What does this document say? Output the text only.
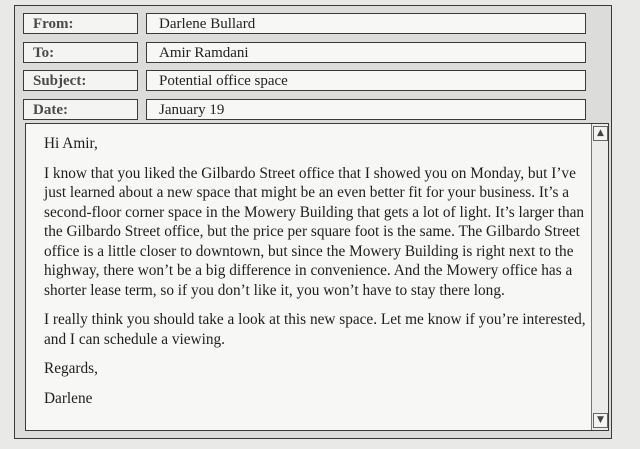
From:	Darlene Bullard
To:	Amir Ramdani
Subject:	Potential office space
Date:	January 19

Hi Amir,

I know that you liked the Gilbardo Street office that I showed you on Monday, but I’ve just learned about a new space that might be an even better fit for your business. It’s a second-floor corner space in the Mowery Building that gets a lot of light. It’s larger than the Gilbardo Street office, but the price per square foot is the same. The Gilbardo Street office is a little closer to downtown, but since the Mowery Building is right next to the highway, there won’t be a big difference in convenience. And the Mowery office has a shorter lease term, so if you don’t like it, you won’t have to stay there long.

I really think you should take a look at this new space. Let me know if you’re interested, and I can schedule a viewing.

Regards,

Darlene

▲
▼
